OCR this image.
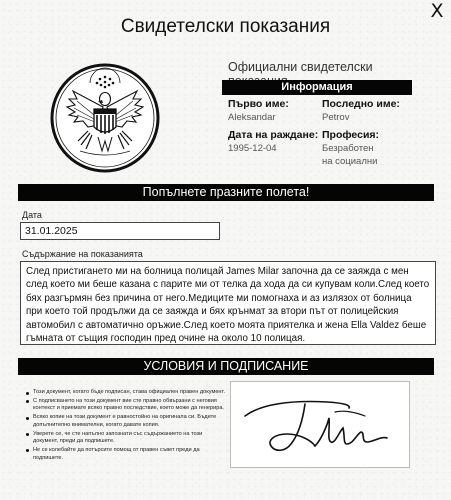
X
Свидетелски показания
Официални свидетелски
Информация
Първо име:
Aleksandar
Последно име:
Petrov
Дата на раждане:
1995-12-04
Професия:
Безработен
на социални
Попълнете празните полета!
Дата
31.01.2025
Съдържание на показанията
След пристигането ми на болница полицай James Milar започна да се заяжда с мен след което ми беше казана с парите ми от телка да хода да си купувам коли.След което бях разгърмян без причина от него.Медиците ми помогнаха и аз излязох от болница при което той продължи да се заяжда и бях крънмат за втори път от полицейския автомобил с автоматично оръжие.След което моята приятелка и жена Ella Valdez беше гъмната от същия господин пред очине на около 10 полицая.
УСЛОВИЯ И ПОДПИСАНИЕ
Този документ, когато бъде подписан, става официален правен документ.
С подписването на този документ вие сте правно обвързани с неговия контекст и приемате всяко правно последствие, което може да генерира.
Всяко копие на този документ е равностойно на оригинала си. Бъдете допълнително внимателни, когато давате копия.
Уверете се, че сте напълно запознати със съдържанието на този документ, преди да подпишете.
Не се колебайте да потърсите помощ от правен съвет преди да подпишете.
